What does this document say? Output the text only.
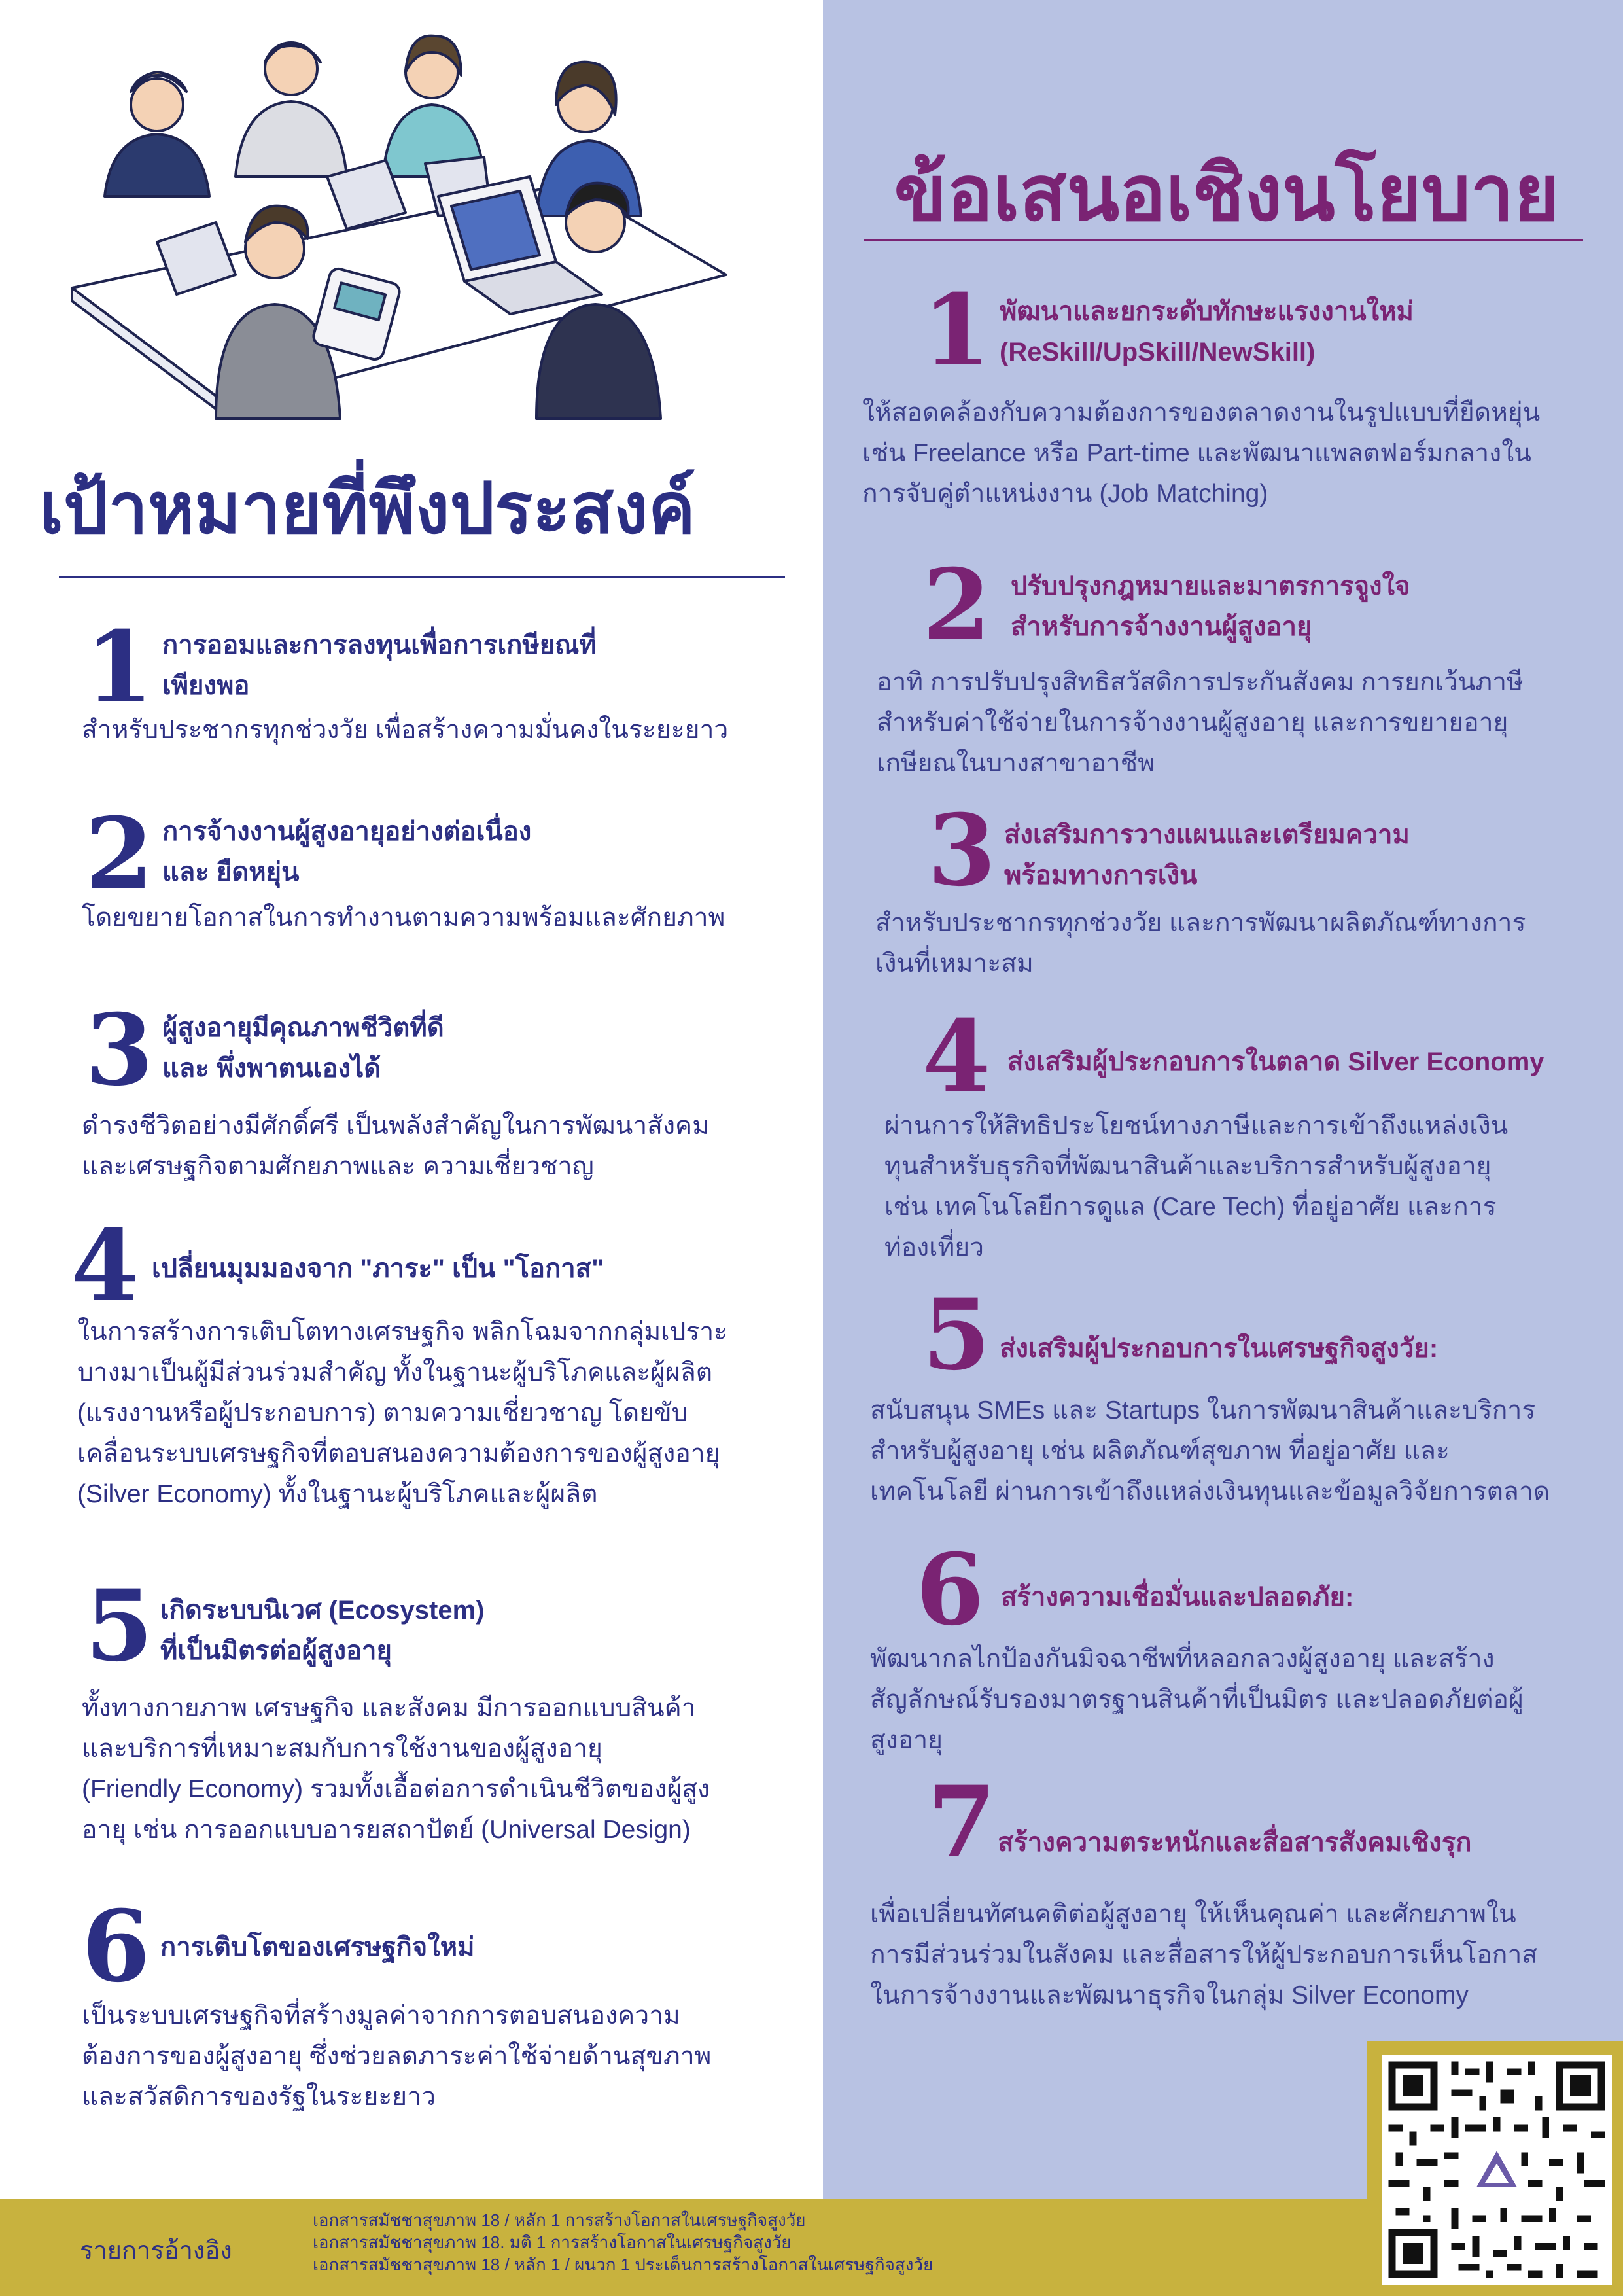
เป้าหมายที่พึงประสงค์
1 การออมและการลงทุนเพื่อการเกษียณที่
เพียงพอ
สำหรับประชากรทุกช่วงวัย เพื่อสร้างความมั่นคงในระยะยาว
2 การจ้างงานผู้สูงอายุอย่างต่อเนื่อง
และ ยืดหยุ่น
โดยขยายโอกาสในการทำงานตามความพร้อมและศักยภาพ
3 ผู้สูงอายุมีคุณภาพชีวิตที่ดี
และ พึ่งพาตนเองได้
ดำรงชีวิตอย่างมีศักดิ์ศรี เป็นพลังสำคัญในการพัฒนาสังคม
และเศรษฐกิจตามศักยภาพและ ความเชี่ยวชาญ
4 เปลี่ยนมุมมองจาก "ภาระ" เป็น "โอกาส"
ในการสร้างการเติบโตทางเศรษฐกิจ พลิกโฉมจากกลุ่มเปราะ
บางมาเป็นผู้มีส่วนร่วมสำคัญ ทั้งในฐานะผู้บริโภคและผู้ผลิต
(แรงงานหรือผู้ประกอบการ) ตามความเชี่ยวชาญ โดยขับ
เคลื่อนระบบเศรษฐกิจที่ตอบสนองความต้องการของผู้สูงอายุ
(Silver Economy) ทั้งในฐานะผู้บริโภคและผู้ผลิต
5 เกิดระบบนิเวศ (Ecosystem)
ที่เป็นมิตรต่อผู้สูงอายุ
ทั้งทางกายภาพ เศรษฐกิจ และสังคม มีการออกแบบสินค้า
และบริการที่เหมาะสมกับการใช้งานของผู้สูงอายุ
(Friendly Economy) รวมทั้งเอื้อต่อการดำเนินชีวิตของผู้สูง
อายุ เช่น การออกแบบอารยสถาปัตย์ (Universal Design)
6 การเติบโตของเศรษฐกิจใหม่
เป็นระบบเศรษฐกิจที่สร้างมูลค่าจากการตอบสนองความ
ต้องการของผู้สูงอายุ ซึ่งช่วยลดภาระค่าใช้จ่ายด้านสุขภาพ
และสวัสดิการของรัฐในระยะยาว
ข้อเสนอเชิงนโยบาย
1 พัฒนาและยกระดับทักษะแรงงานใหม่
(ReSkill/UpSkill/NewSkill)
ให้สอดคล้องกับความต้องการของตลาดงานในรูปแบบที่ยืดหยุ่น
เช่น Freelance หรือ Part-time และพัฒนาแพลตฟอร์มกลางใน
การจับคู่ตำแหน่งงาน (Job Matching)
2 ปรับปรุงกฎหมายและมาตรการจูงใจ
สำหรับการจ้างงานผู้สูงอายุ
อาทิ การปรับปรุงสิทธิสวัสดิการประกันสังคม การยกเว้นภาษี
สำหรับค่าใช้จ่ายในการจ้างงานผู้สูงอายุ และการขยายอายุ
เกษียณในบางสาขาอาชีพ
3 ส่งเสริมการวางแผนและเตรียมความ
พร้อมทางการเงิน
สำหรับประชากรทุกช่วงวัย และการพัฒนาผลิตภัณฑ์ทางการ
เงินที่เหมาะสม
4 ส่งเสริมผู้ประกอบการในตลาด Silver Economy
ผ่านการให้สิทธิประโยชน์ทางภาษีและการเข้าถึงแหล่งเงิน
ทุนสำหรับธุรกิจที่พัฒนาสินค้าและบริการสำหรับผู้สูงอายุ
เช่น เทคโนโลยีการดูแล (Care Tech) ที่อยู่อาศัย และการ
ท่องเที่ยว
5 ส่งเสริมผู้ประกอบการในเศรษฐกิจสูงวัย:
สนับสนุน SMEs และ Startups ในการพัฒนาสินค้าและบริการ
สำหรับผู้สูงอายุ เช่น ผลิตภัณฑ์สุขภาพ ที่อยู่อาศัย และ
เทคโนโลยี ผ่านการเข้าถึงแหล่งเงินทุนและข้อมูลวิจัยการตลาด
6 สร้างความเชื่อมั่นและปลอดภัย:
พัฒนากลไกป้องกันมิจฉาชีพที่หลอกลวงผู้สูงอายุ และสร้าง
สัญลักษณ์รับรองมาตรฐานสินค้าที่เป็นมิตร และปลอดภัยต่อผู้
สูงอายุ
7 สร้างความตระหนักและสื่อสารสังคมเชิงรุก
เพื่อเปลี่ยนทัศนคติต่อผู้สูงอายุ ให้เห็นคุณค่า และศักยภาพใน
การมีส่วนร่วมในสังคม และสื่อสารให้ผู้ประกอบการเห็นโอกาส
ในการจ้างงานและพัฒนาธุรกิจในกลุ่ม Silver Economy
รายการอ้างอิง
เอกสารสมัชชาสุขภาพ 18 / หลัก 1 การสร้างโอกาสในเศรษฐกิจสูงวัย
เอกสารสมัชชาสุขภาพ 18. มติ 1 การสร้างโอกาสในเศรษฐกิจสูงวัย
เอกสารสมัชชาสุขภาพ 18 / หลัก 1 / ผนวก 1 ประเด็นการสร้างโอกาสในเศรษฐกิจสูงวัย
